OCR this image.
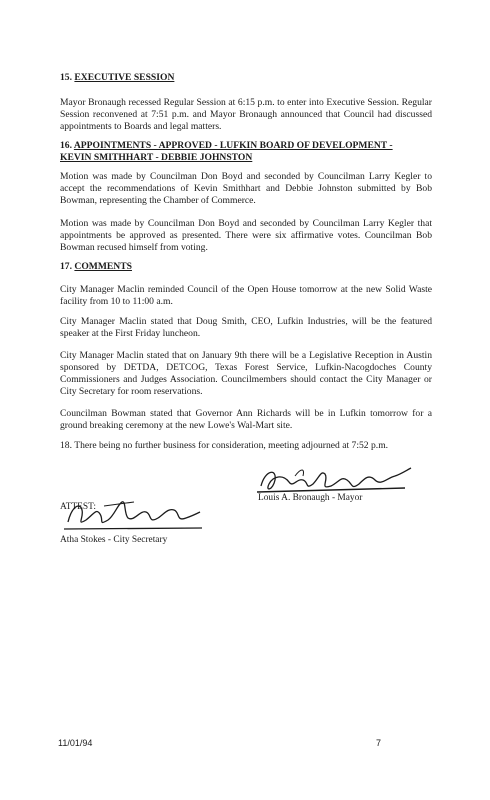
15. EXECUTIVE SESSION

Mayor Bronaugh recessed Regular Session at 6:15 p.m. to enter into Executive Session. Regular Session reconvened at 7:51 p.m. and Mayor Bronaugh announced that Council had discussed appointments to Boards and legal matters.

16. APPOINTMENTS - APPROVED - LUFKIN BOARD OF DEVELOPMENT -
KEVIN SMITHHART - DEBBIE JOHNSTON

Motion was made by Councilman Don Boyd and seconded by Councilman Larry Kegler to accept the recommendations of Kevin Smithhart and Debbie Johnston submitted by Bob Bowman, representing the Chamber of Commerce.

Motion was made by Councilman Don Boyd and seconded by Councilman Larry Kegler that appointments be approved as presented. There were six affirmative votes. Councilman Bob Bowman recused himself from voting.

17. COMMENTS

City Manager Maclin reminded Council of the Open House tomorrow at the new Solid Waste facility from 10 to 11:00 a.m.

City Manager Maclin stated that Doug Smith, CEO, Lufkin Industries, will be the featured speaker at the First Friday luncheon.

City Manager Maclin stated that on January 9th there will be a Legislative Reception in Austin sponsored by DETDA, DETCOG, Texas Forest Service, Lufkin-Nacogdoches County Commissioners and Judges Association. Councilmembers should contact the City Manager or City Secretary for room reservations.

Councilman Bowman stated that Governor Ann Richards will be in Lufkin tomorrow for a ground breaking ceremony at the new Lowe's Wal-Mart site.

18. There being no further business for consideration, meeting adjourned at 7:52 p.m.

Louis A. Bronaugh - Mayor
ATTEST:
Atha Stokes - City Secretary
11/01/94	7
